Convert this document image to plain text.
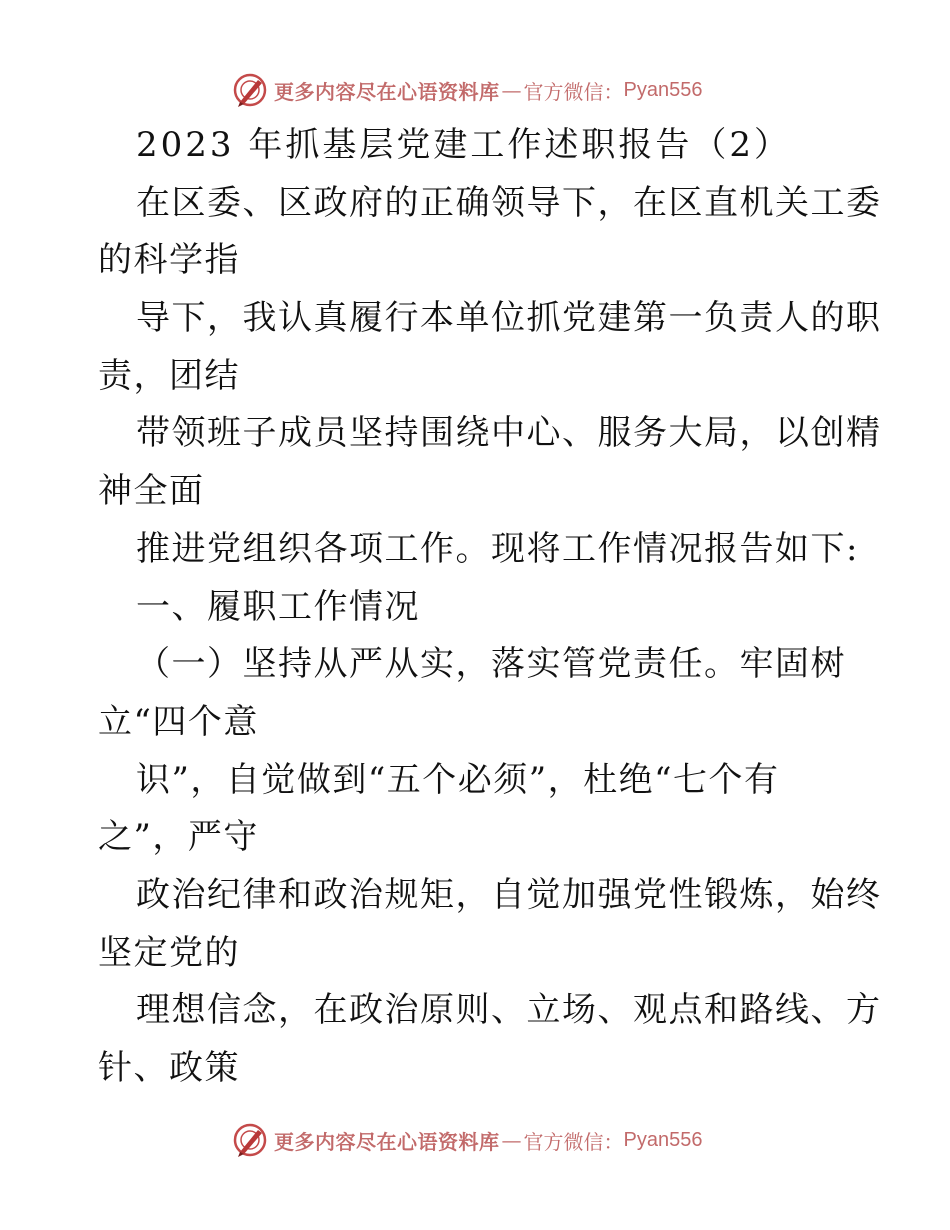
更多内容尽在心语资料库 — 官方微信： Pyan556
2023 年抓基层党建工作述职报告（2）
在区委、区政府的正确领导下，在区直机关工委
的科学指
导下，我认真履行本单位抓党建第一负责人的职
责，团结
带领班子成员坚持围绕中心、服务大局，以创精
神全面
推进党组织各项工作。现将工作情况报告如下:
一、履职工作情况
（一）坚持从严从实，落实管党责任。牢固树
立“四个意
识”，自觉做到“五个必须”，杜绝“七个有
之”，严守
政治纪律和政治规矩，自觉加强党性锻炼，始终
坚定党的
理想信念，在政治原则、立场、观点和路线、方
针、政策
更多内容尽在心语资料库 — 官方微信： Pyan556
